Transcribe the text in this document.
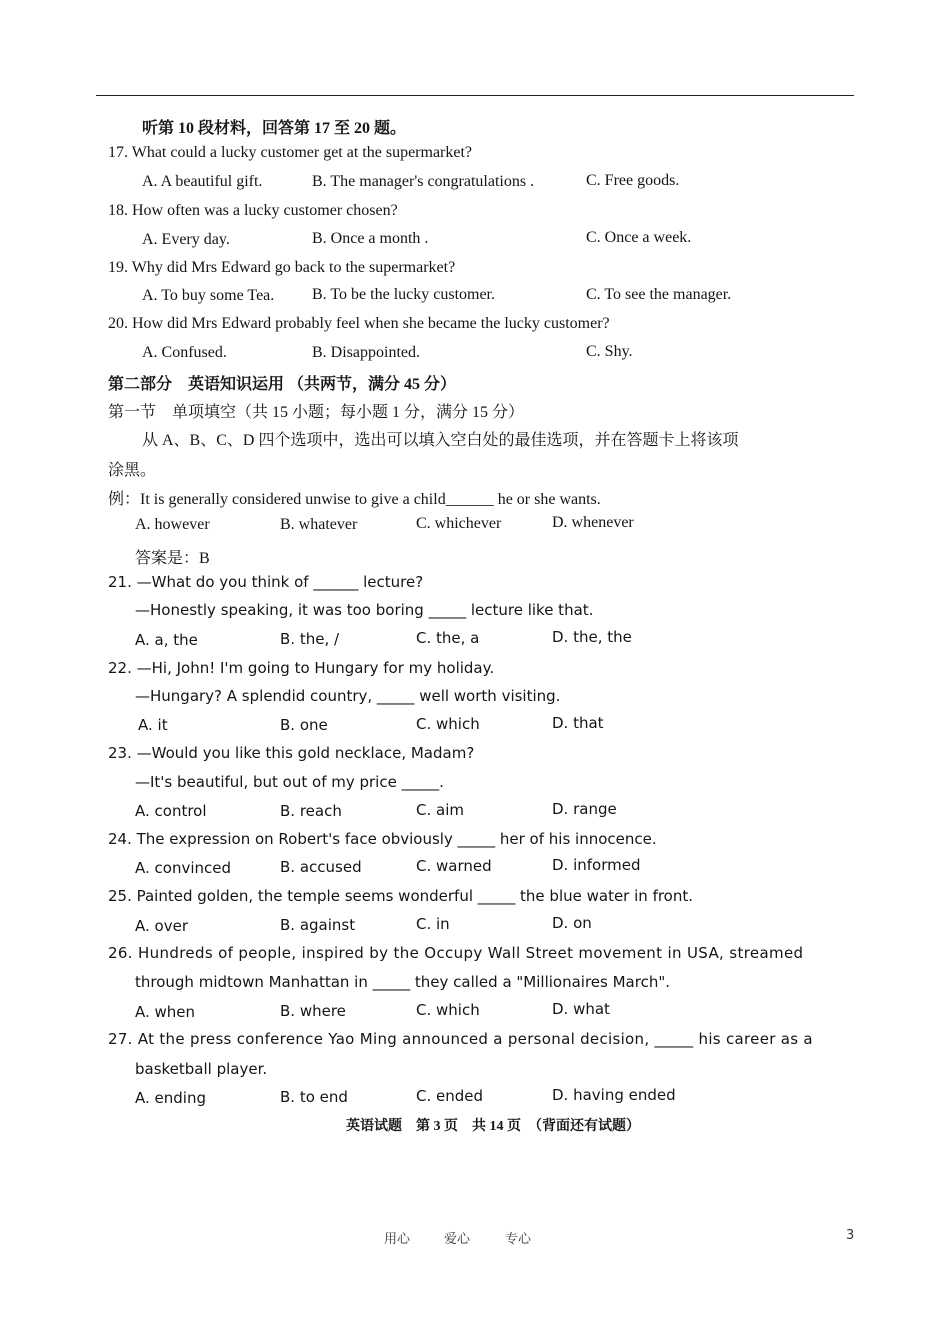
听第 10 段材料，回答第 17 至 20 题。
17. What could a lucky customer get at the supermarket?
A. A beautiful gift.	B. The manager's congratulations .	C. Free goods.
18. How often was a lucky customer chosen?
A. Every day.	B. Once a month .	C. Once a week.
19. Why did Mrs Edward go back to the supermarket?
A. To buy some Tea. B. To be the lucky customer.	C. To see the manager.
20. How did Mrs Edward probably feel when she became the lucky customer?
A. Confused.	B. Disappointed.	C. Shy.
第二部分　英语知识运用 （共两节，满分 45 分）
第一节　单项填空（共 15 小题；每小题 1 分，满分 15 分）
从 A、B、C、D 四个选项中，选出可以填入空白处的最佳选项，并在答题卡上将该项
涂黑。
例：It is generally considered unwise to give a child______ he or she wants.
A. however	B. whatever	C. whichever	D. whenever
答案是：B
21. —What do you think of ______ lecture?
—Honestly speaking, it was too boring _____ lecture like that.
A. a, the	B. the, /	C. the, a	D. the, the
22. —Hi, John! I'm going to Hungary for my holiday.
—Hungary? A splendid country, _____ well worth visiting.
A. it	B. one	C. which	D. that
23. —Would you like this gold necklace, Madam?
—It's beautiful, but out of my price _____.
A. control	B. reach	C. aim	D. range
24. The expression on Robert's face obviously _____ her of his innocence.
A. convinced	B. accused	C. warned	D. informed
25. Painted golden, the temple seems wonderful _____ the blue water in front.
A. over	B. against	C. in	D. on
26. Hundreds of people, inspired by the Occupy Wall Street movement in USA, streamed
through midtown Manhattan in _____ they called a "Millionaires March".
A. when	B. where	C. which	D. what
27. At the press conference Yao Ming announced a personal decision, _____ his career as a
basketball player.
A. ending	B. to end	C. ended	D. having ended
英语试题　第 3 页　共 14 页　（背面还有试题）
用心	爱心	专心	3
